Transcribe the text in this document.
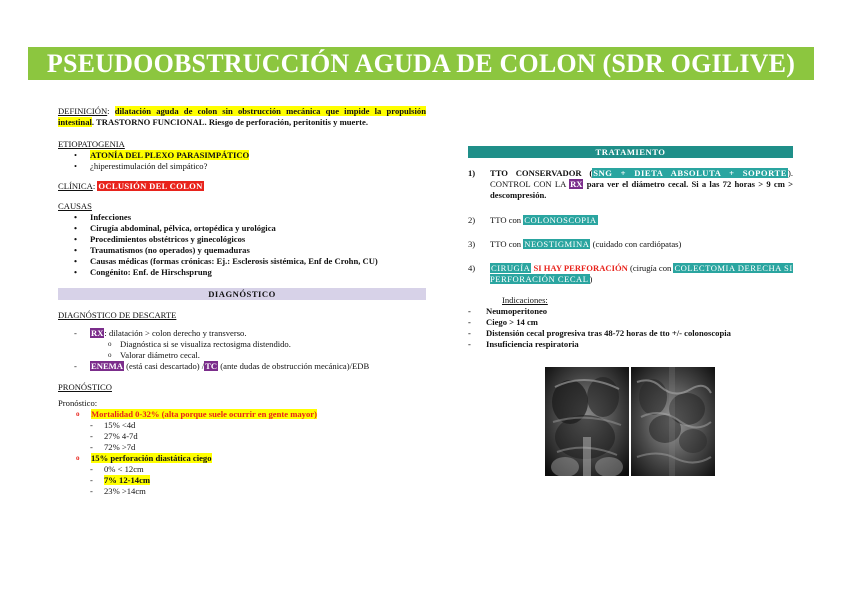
PSEUDOOBSTRUCCIÓN AGUDA DE COLON (SDR OGILIVE)
DEFINICIÓN: dilatación aguda de colon sin obstrucción mecánica que impide la propulsión intestinal. TRASTORNO FUNCIONAL. Riesgo de perforación, peritonitis y muerte.
ETIOPATOGENIA
• ATONÍA DEL PLEXO PARASIMPÁTICO
• ¿hiperestimulación del simpático?
CLÍNICA: OCLUSIÓN DEL COLON
CAUSAS
• Infecciones
• Cirugía abdominal, pélvica, ortopédica y urológica
• Procedimientos obstétricos y ginecológicos
• Traumatismos (no operados) y quemaduras
• Causas médicas (formas crónicas: Ej.: Esclerosis sistémica, Enf de Crohn, CU)
• Congénito: Enf. de Hirschsprung
DIAGNÓSTICO
DIAGNÓSTICO DE DESCARTE
- RX: dilatación > colon derecho y transverso.
o Diagnóstica si se visualiza rectosigma distendido.
o Valorar diámetro cecal.
- ENEMA (está casi descartado) /TC (ante dudas de obstrucción mecánica)/EDB
PRONÓSTICO
Pronóstico:
o Mortalidad 0-32% (alta porque suele ocurrir en gente mayor)
- 15% <4d
- 27% 4-7d
- 72% >7d
o 15% perforación diastática ciego
- 0% < 12cm
- 7% 12-14cm
- 23% >14cm
TRATAMIENTO
1) TTO CONSERVADOR (SNG + DIETA ABSOLUTA + SOPORTE). CONTROL CON LA RX para ver el diámetro cecal. Si a las 72 horas > 9 cm > descompresión.
2) TTO con COLONOSCOPIA
3) TTO con NEOSTIGMINA (cuidado con cardiópatas)
4) CIRUGÍA SI HAY PERFORACIÓN (cirugía con COLECTOMIA DERECHA SI PERFORACIÓN CECAL)
Indicaciones:
- Neumoperitoneo
- Ciego > 14 cm
- Distensión cecal progresiva tras 48-72 horas de tto +/- colonoscopia
- Insuficiencia respiratoria
